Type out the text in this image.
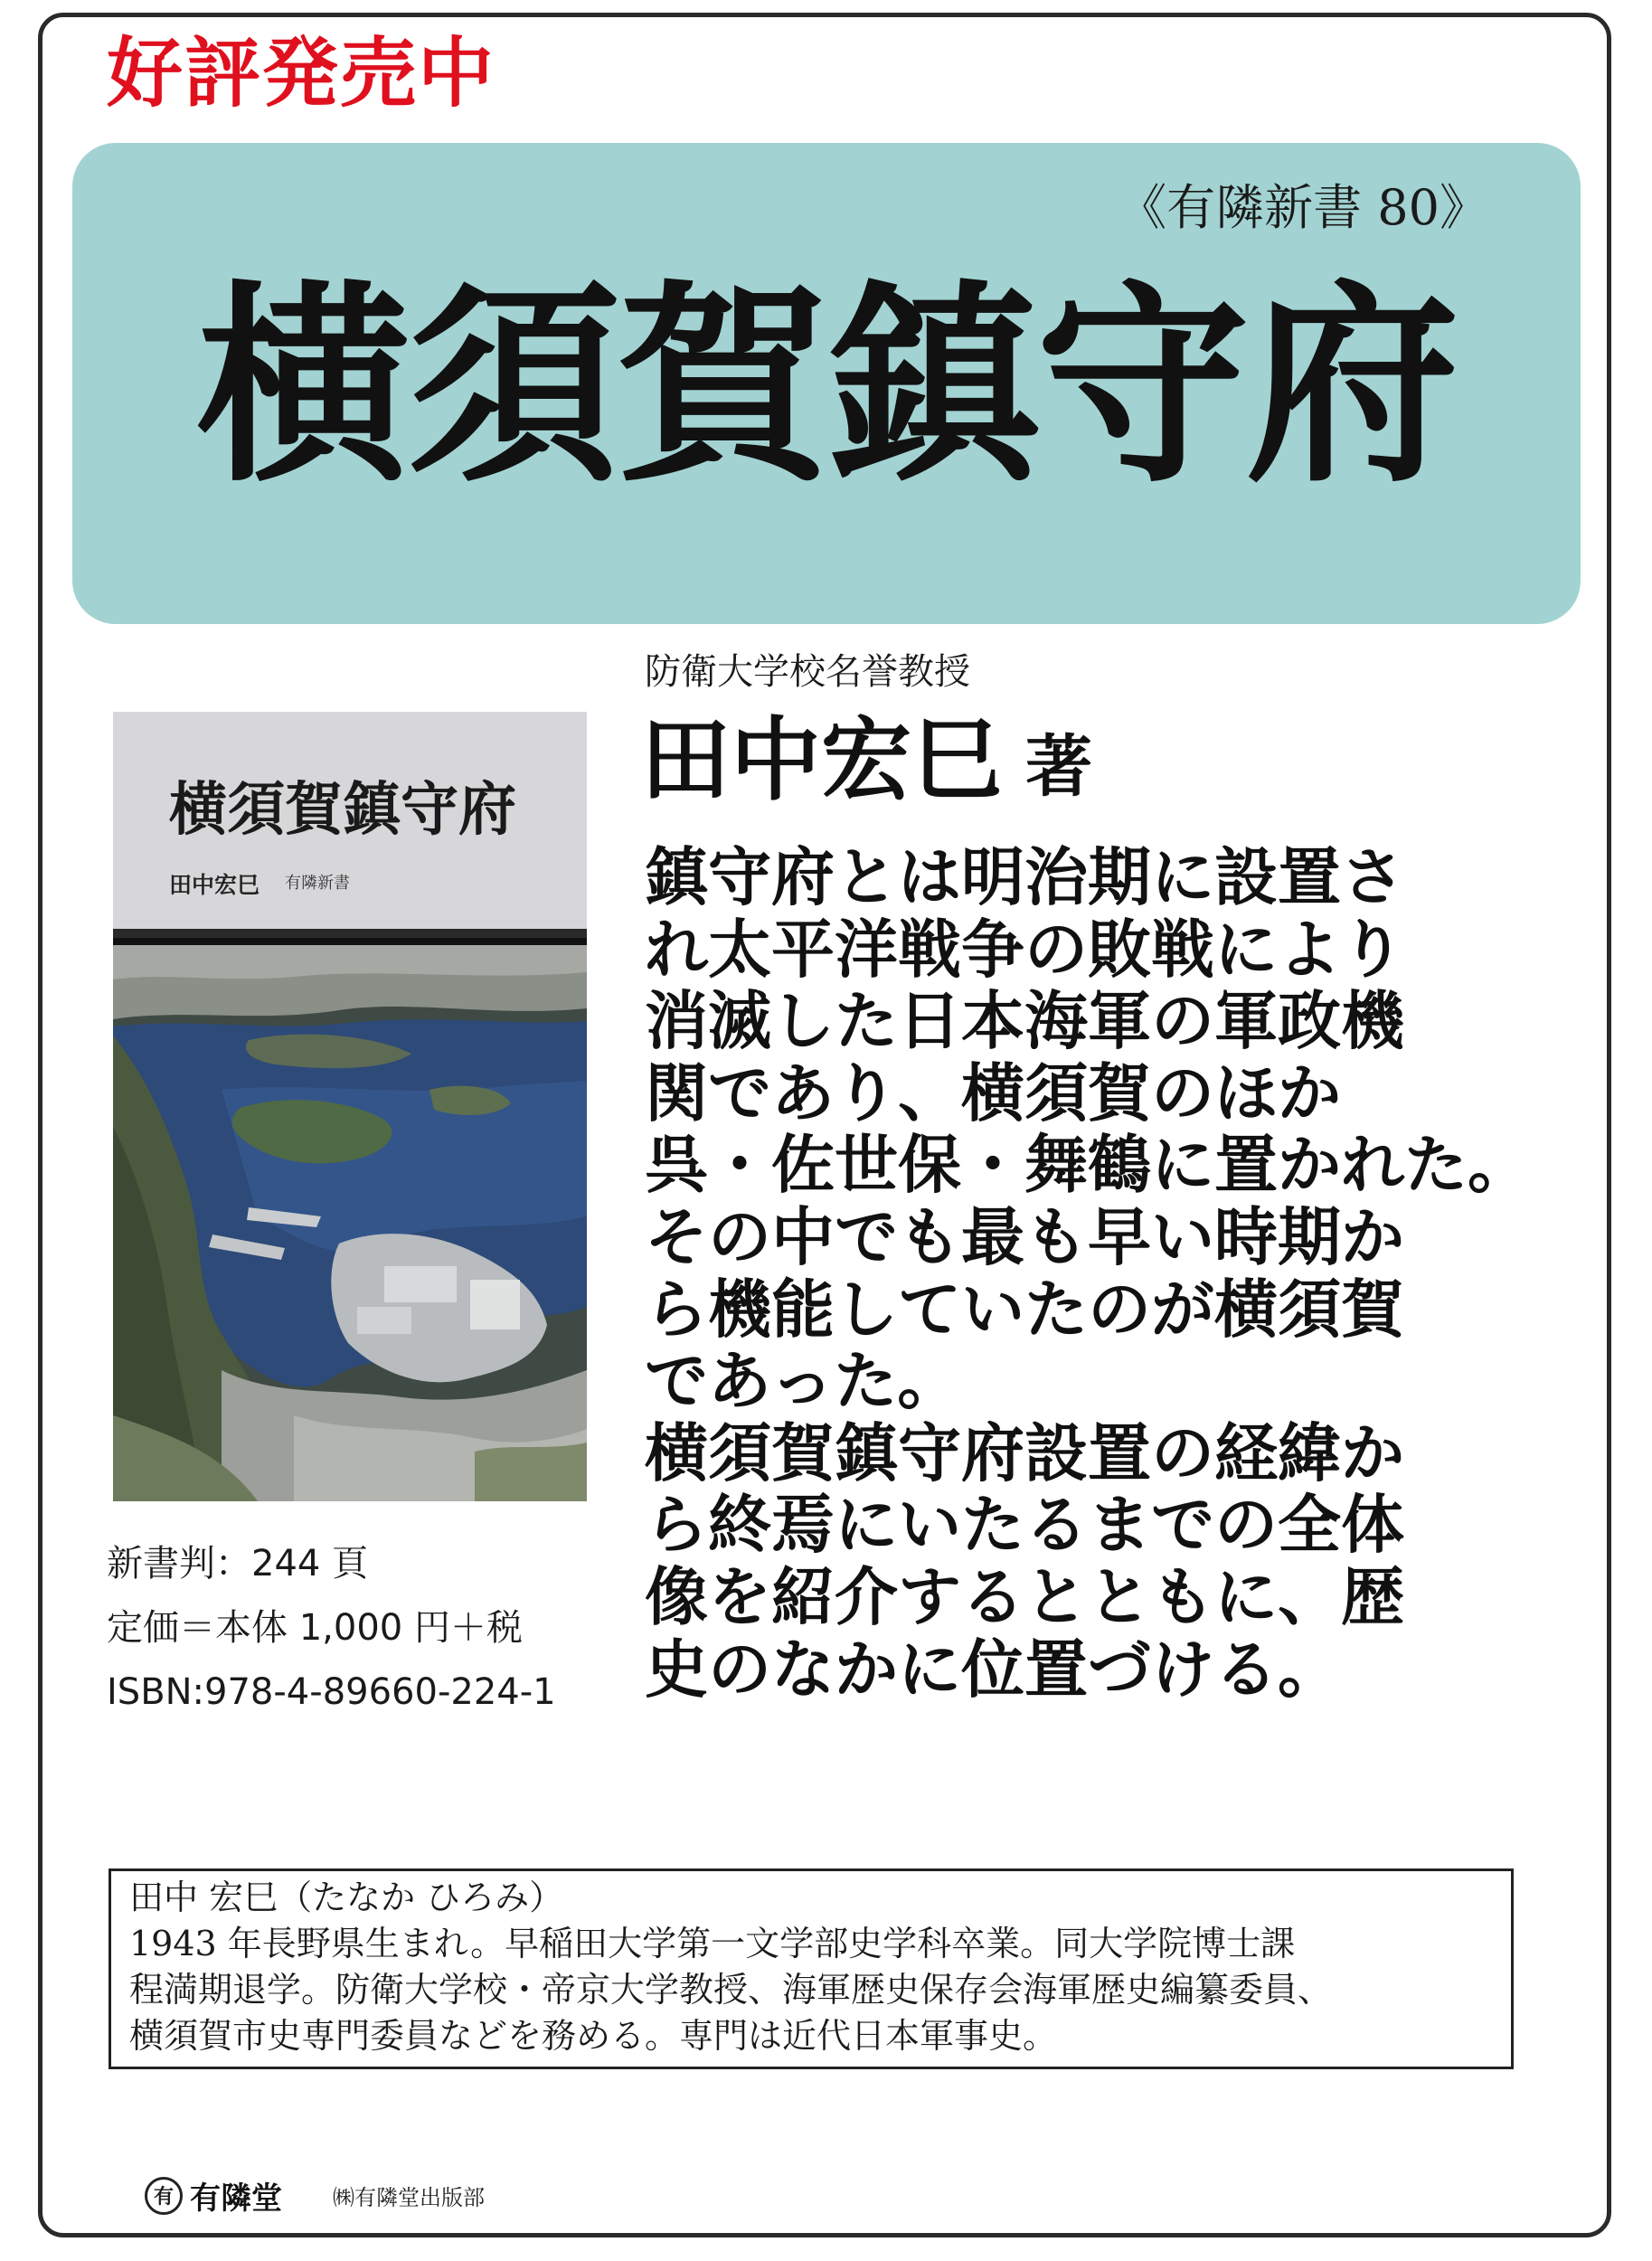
好評発売中
《有隣新書 80》
横須賀鎮守府
横須賀鎮守府
田中宏巳 有隣新書
新書判：244 頁
定価＝本体 1,000 円＋税
ISBN:978-4-89660-224-1
防衛大学校名誉教授
田中宏巳 著
鎮守府とは明治期に設置さ
れ太平洋戦争の敗戦により
消滅した日本海軍の軍政機
関であり、横須賀のほか
呉・佐世保・舞鶴に置かれた。
その中でも最も早い時期か
ら機能していたのが横須賀
であった。
横須賀鎮守府設置の経緯か
ら終焉にいたるまでの全体
像を紹介するとともに、歴
史のなかに位置づける。
田中 宏巳（たなか ひろみ）
1943 年長野県生まれ。早稲田大学第一文学部史学科卒業。同大学院博士課
程満期退学。防衛大学校・帝京大学教授、海軍歴史保存会海軍歴史編纂委員、
横須賀市史専門委員などを務める。専門は近代日本軍事史。
有 有隣堂 ㈱有隣堂出版部
